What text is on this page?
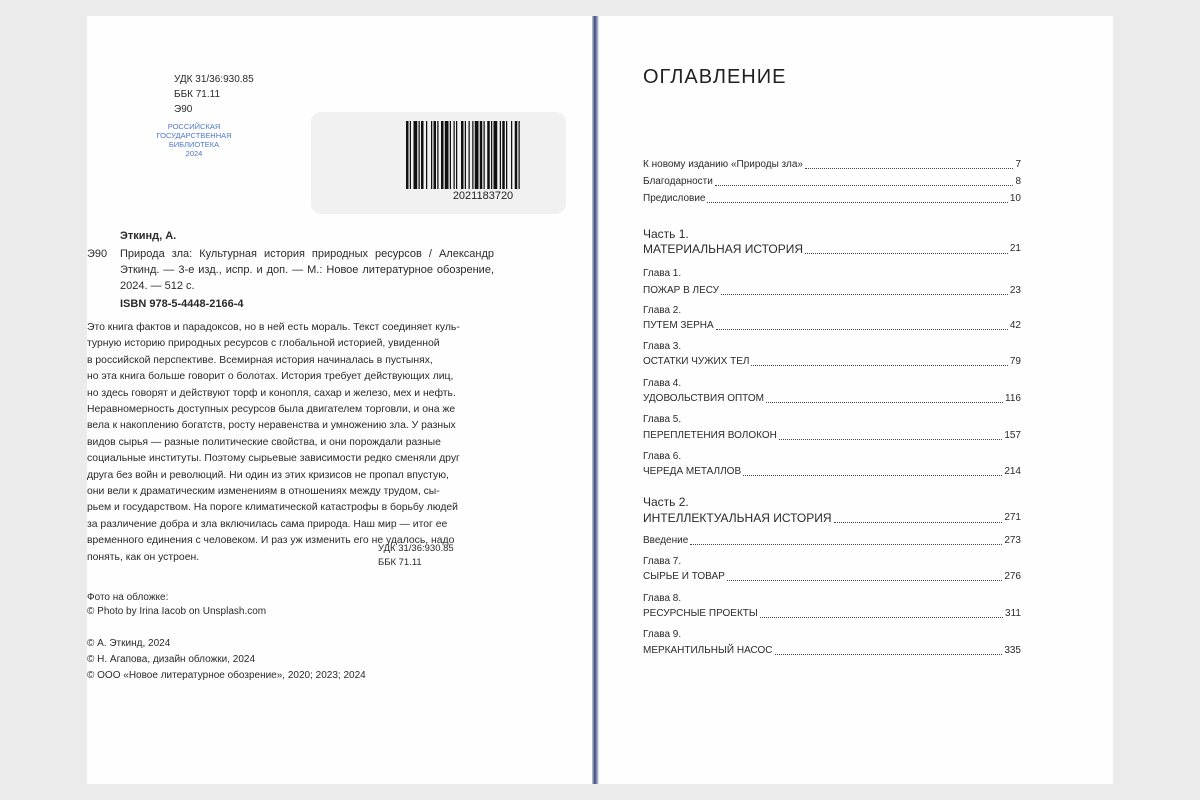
УДК 31/36:930.85
ББК 71.11
Э90
РОССИЙСКАЯ
ГОСУДАРСТВЕННАЯ
БИБЛИОТЕКА
2024
2021183720
Эткинд, А.
Э90 Природа зла: Культурная история природных ресурсов / Александр Эткинд. — 3-е изд., испр. и доп. — М.: Новое литературное обозрение, 2024. — 512 с.
ISBN 978-5-4448-2166-4
Это книга фактов и парадоксов, но в ней есть мораль. Текст соединяет куль-
турную историю природных ресурсов с глобальной историей, увиденной
в российской перспективе. Всемирная история начиналась в пустынях,
но эта книга больше говорит о болотах. История требует действующих лиц,
но здесь говорят и действуют торф и конопля, сахар и железо, мех и нефть.
Неравномерность доступных ресурсов была двигателем торговли, и она же
вела к накоплению богатств, росту неравенства и умножению зла. У разных
видов сырья — разные политические свойства, и они порождали разные
социальные институты. Поэтому сырьевые зависимости редко сменяли друг
друга без войн и революций. Ни один из этих кризисов не пропал впустую,
они вели к драматическим изменениям в отношениях между трудом, сы-
рьем и государством. На пороге климатической катастрофы в борьбу людей
за различение добра и зла включилась сама природа. Наш мир — итог ее
временного единения с человеком. И раз уж изменить его не удалось, надо
понять, как он устроен.
УДК 31/36:930.85
ББК 71.11
Фото на обложке:
© Photo by Irina Iacob on Unsplash.com
© А. Эткинд, 2024
© Н. Агапова, дизайн обложки, 2024
© ООО «Новое литературное обозрение», 2020; 2023; 2024
ОГЛАВЛЕНИЕ
К новому изданию «Природы зла»	7
Благодарности	8
Предисловие	10
Часть 1.
МАТЕРИАЛЬНАЯ ИСТОРИЯ	21
Глава 1.
ПОЖАР В ЛЕСУ	23
Глава 2.
ПУТЕМ ЗЕРНА	42
Глава 3.
ОСТАТКИ ЧУЖИХ ТЕЛ	79
Глава 4.
УДОВОЛЬСТВИЯ ОПТОМ	116
Глава 5.
ПЕРЕПЛЕТЕНИЯ ВОЛОКОН	157
Глава 6.
ЧЕРЕДА МЕТАЛЛОВ	214
Часть 2.
ИНТЕЛЛЕКТУАЛЬНАЯ ИСТОРИЯ	271
Введение	273
Глава 7.
СЫРЬЕ И ТОВАР	276
Глава 8.
РЕСУРСНЫЕ ПРОЕКТЫ	311
Глава 9.
МЕРКАНТИЛЬНЫЙ НАСОС	335
